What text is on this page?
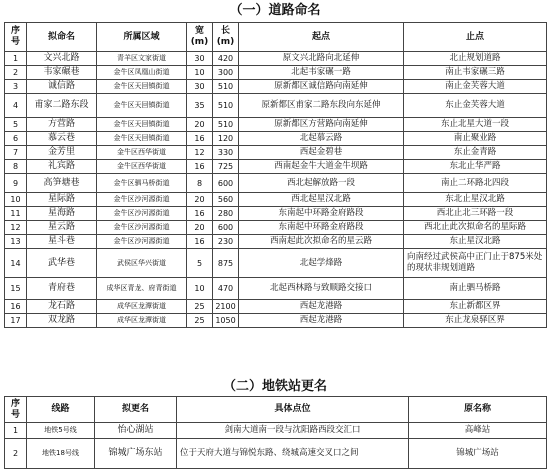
（一）道路命名
序号	拟命名	所属区域	宽(m)	长(m)	起点	止点
1	文兴北路	青羊区文家街道	30	420	原文兴北路向北延伸	北止规划道路
2	韦家碾巷	金牛区凤凰山街道	10	300	北起韦家碾一路	南止韦家碾三路
3	诚信路	金牛区天回镇街道	30	510	原新都区诚信路向南延伸	南止金芙蓉大道
4	甫家二路东段	金牛区天回镇街道	35	510	原新都区甫家二路东段向东延伸	东止金芙蓉大道
5	方营路	金牛区天回镇街道	20	510	原新都区方营路向南延伸	东止北星大道一段
6	慕云巷	金牛区天回镇街道	16	120	北起慕云路	南止聚业路
7	金芳里	金牛区西华街道	12	330	西起金碧巷	东止金青路
8	礼宾路	金牛区西华街道	16	725	西南起金牛大道金牛坝路	东北止华严路
9	高笋塘巷	金牛区驷马桥街道	8	600	西北起解放路一段	南止二环路北四段
10	星际路	金牛区沙河源街道	20	560	西北起星汉北路	东北止星汉北路
11	星海路	金牛区沙河源街道	16	280	东南起中环路金府路段	西北止北三环路一段
12	星云路	金牛区沙河源街道	20	600	东南起中环路金府路段	西北止此次拟命名的星际路
13	星斗巷	金牛区沙河源街道	16	230	西南起此次拟命名的星云路	东止星汉北路
14	武华巷	武侯区华兴街道	5	875	北起学烽路	向南经过武侯高中正门止于875米处的现状非规划道路
15	青府巷	成华区青龙、府青街道	10	470	北起西林路与致顺路交接口	南止驷马桥路
16	龙石路	成华区龙潭街道	25	2100	西起龙港路	东止新都区界
17	双龙路	成华区龙潭街道	25	1050	西起龙港路	东止龙泉驿区界
（二）地铁站更名
序号	线路	拟更名	具体点位	原名称
1	地铁5号线	怡心湖站	剑南大道南一段与沈阳路西段交汇口	高峰站
2	地铁18号线	锦城广场东站	位于天府大道与锦悦东路、绕城高速交叉口之间	锦城广场站
